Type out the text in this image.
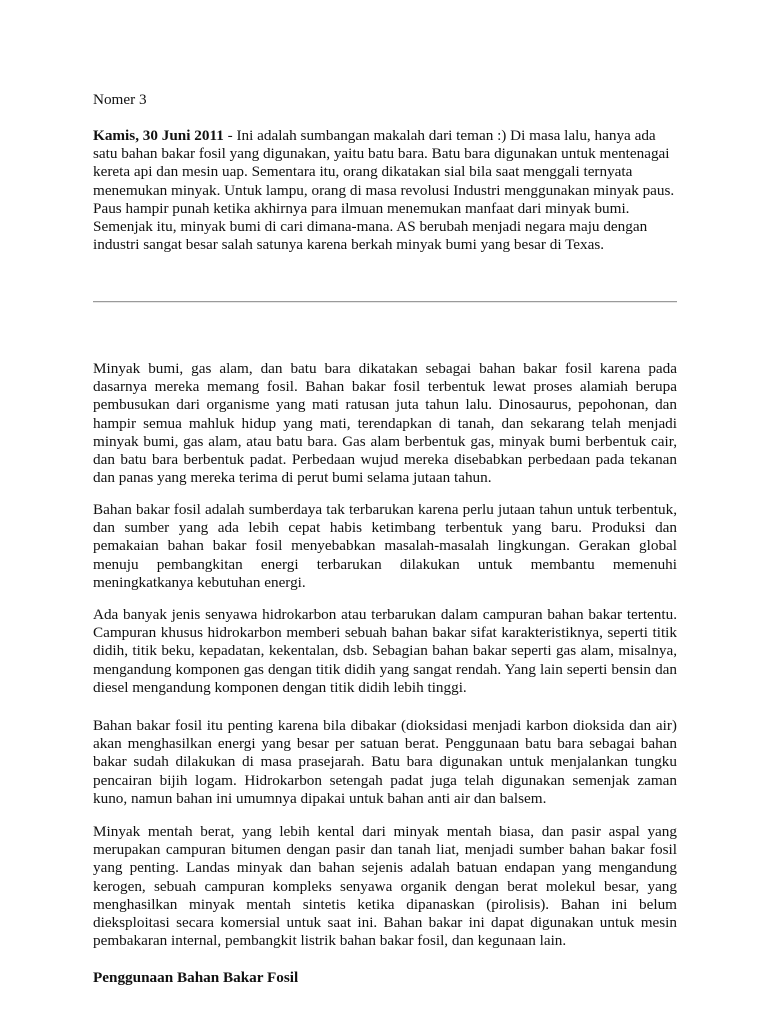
Nomer 3

Kamis, 30 Juni 2011 - Ini adalah sumbangan makalah dari teman :) Di masa lalu, hanya ada satu bahan bakar fosil yang digunakan, yaitu batu bara. Batu bara digunakan untuk mentenagai kereta api dan mesin uap. Sementara itu, orang dikatakan sial bila saat menggali ternyata menemukan minyak. Untuk lampu, orang di masa revolusi Industri menggunakan minyak paus. Paus hampir punah ketika akhirnya para ilmuan menemukan manfaat dari minyak bumi. Semenjak itu, minyak bumi di cari dimana-mana. AS berubah menjadi negara maju dengan industri sangat besar salah satunya karena berkah minyak bumi yang besar di Texas.

Minyak bumi, gas alam, dan batu bara dikatakan sebagai bahan bakar fosil karena pada dasarnya mereka memang fosil. Bahan bakar fosil terbentuk lewat proses alamiah berupa pembusukan dari organisme yang mati ratusan juta tahun lalu. Dinosaurus, pepohonan, dan hampir semua mahluk hidup yang mati, terendapkan di tanah, dan sekarang telah menjadi minyak bumi, gas alam, atau batu bara. Gas alam berbentuk gas, minyak bumi berbentuk cair, dan batu bara berbentuk padat. Perbedaan wujud mereka disebabkan perbedaan pada tekanan dan panas yang mereka terima di perut bumi selama jutaan tahun.

Bahan bakar fosil adalah sumberdaya tak terbarukan karena perlu jutaan tahun untuk terbentuk, dan sumber yang ada lebih cepat habis ketimbang terbentuk yang baru. Produksi dan pemakaian bahan bakar fosil menyebabkan masalah-masalah lingkungan. Gerakan global menuju pembangkitan energi terbarukan dilakukan untuk membantu memenuhi meningkatkanya kebutuhan energi.

Ada banyak jenis senyawa hidrokarbon atau terbarukan dalam campuran bahan bakar tertentu. Campuran khusus hidrokarbon memberi sebuah bahan bakar sifat karakteristiknya, seperti titik didih, titik beku, kepadatan, kekentalan, dsb. Sebagian bahan bakar seperti gas alam, misalnya, mengandung komponen gas dengan titik didih yang sangat rendah. Yang lain seperti bensin dan diesel mengandung komponen dengan titik didih lebih tinggi.

Bahan bakar fosil itu penting karena bila dibakar (dioksidasi menjadi karbon dioksida dan air) akan menghasilkan energi yang besar per satuan berat. Penggunaan batu bara sebagai bahan bakar sudah dilakukan di masa prasejarah. Batu bara digunakan untuk menjalankan tungku pencairan bijih logam. Hidrokarbon setengah padat juga telah digunakan semenjak zaman kuno, namun bahan ini umumnya dipakai untuk bahan anti air dan balsem.

Minyak mentah berat, yang lebih kental dari minyak mentah biasa, dan pasir aspal yang merupakan campuran bitumen dengan pasir dan tanah liat, menjadi sumber bahan bakar fosil yang penting. Landas minyak dan bahan sejenis adalah batuan endapan yang mengandung kerogen, sebuah campuran kompleks senyawa organik dengan berat molekul besar, yang menghasilkan minyak mentah sintetis ketika dipanaskan (pirolisis). Bahan ini belum dieksploitasi secara komersial untuk saat ini. Bahan bakar ini dapat digunakan untuk mesin pembakaran internal, pembangkit listrik bahan bakar fosil, dan kegunaan lain.

Penggunaan Bahan Bakar Fosil
